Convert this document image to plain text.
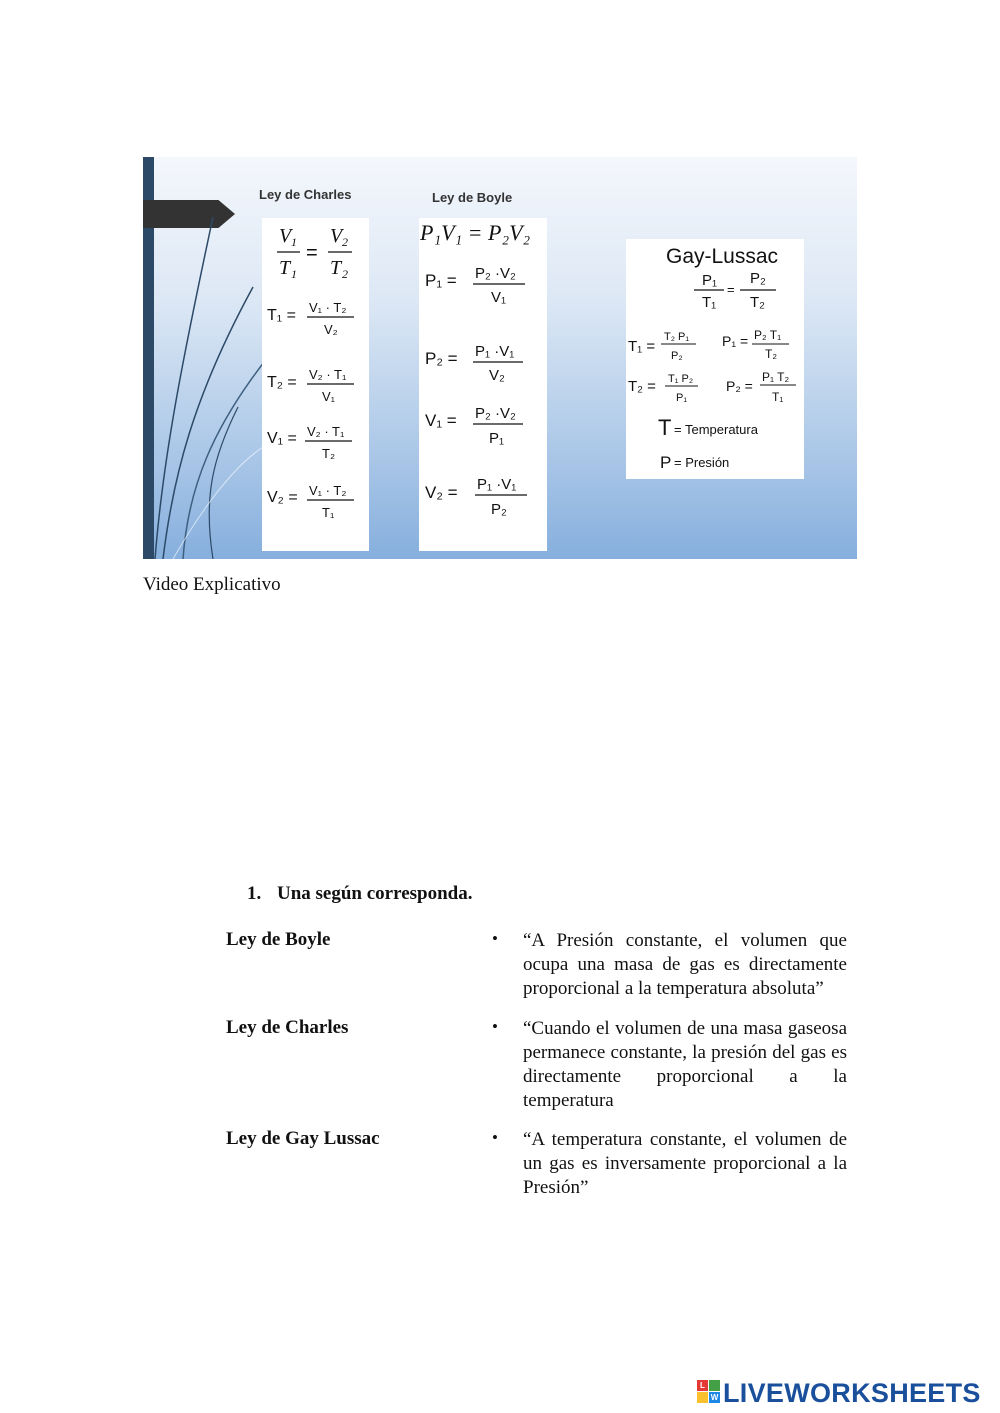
Ley de Charles	Ley de Boyle
V 1
T 1
=
V 2
T 2
T₁ = V₁ · T₂
V₂
T₂ = V₂ · T₁
V₁
V₁ = V₂ · T₁
T₂
V₂ = V₁ · T₂
T₁
P₁V₁ = P₂V₂
P₁ = P₂ ·V₂
V₁
P₂ = P₁ ·V₁
V₂
V₁ = P₂ ·V₂
P₁
V₂ = P₁ ·V₁
P₂
Gay-Lussac
P₁
T₁
=
P₂
T₂
T₁ =
T₂ P₁
P₂
P₁ = P₂ T₁
T₂
T₂ = T₁ P₂
P₁
P₂ =
P₁ T₂
T₁
T = Temperatura
P = Presión
Video Explicativo
1. Una según corresponda.
Ley de Boyle	• “A Presión constante, el volumen que ocupa una masa de gas es directamente proporcional a la temperatura absoluta”
Ley de Charles	• “Cuando el volumen de una masa gaseosa permanece constante, la presión del gas es directamente proporcional a la temperatura
Ley de Gay Lussac	• “A temperatura constante, el volumen de un gas es inversamente proporcional a la Presión”
L
W LIVEWORKSHEETS
